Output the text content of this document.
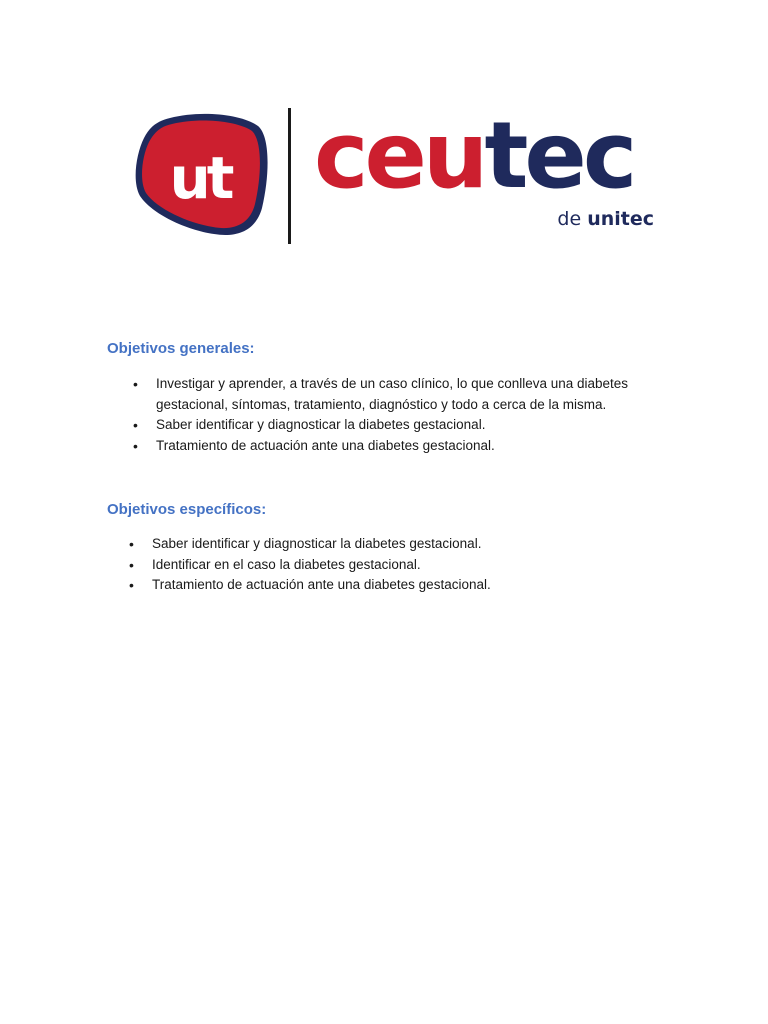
ut ceutec
de unitec
Objetivos generales:
• Investigar y aprender, a través de un caso clínico, lo que conlleva una diabetes gestacional, síntomas, tratamiento, diagnóstico y todo a cerca de la misma.
• Saber identificar y diagnosticar la diabetes gestacional.
• Tratamiento de actuación ante una diabetes gestacional.
Objetivos específicos:
• Saber identificar y diagnosticar la diabetes gestacional.
• Identificar en el caso la diabetes gestacional.
• Tratamiento de actuación ante una diabetes gestacional.
